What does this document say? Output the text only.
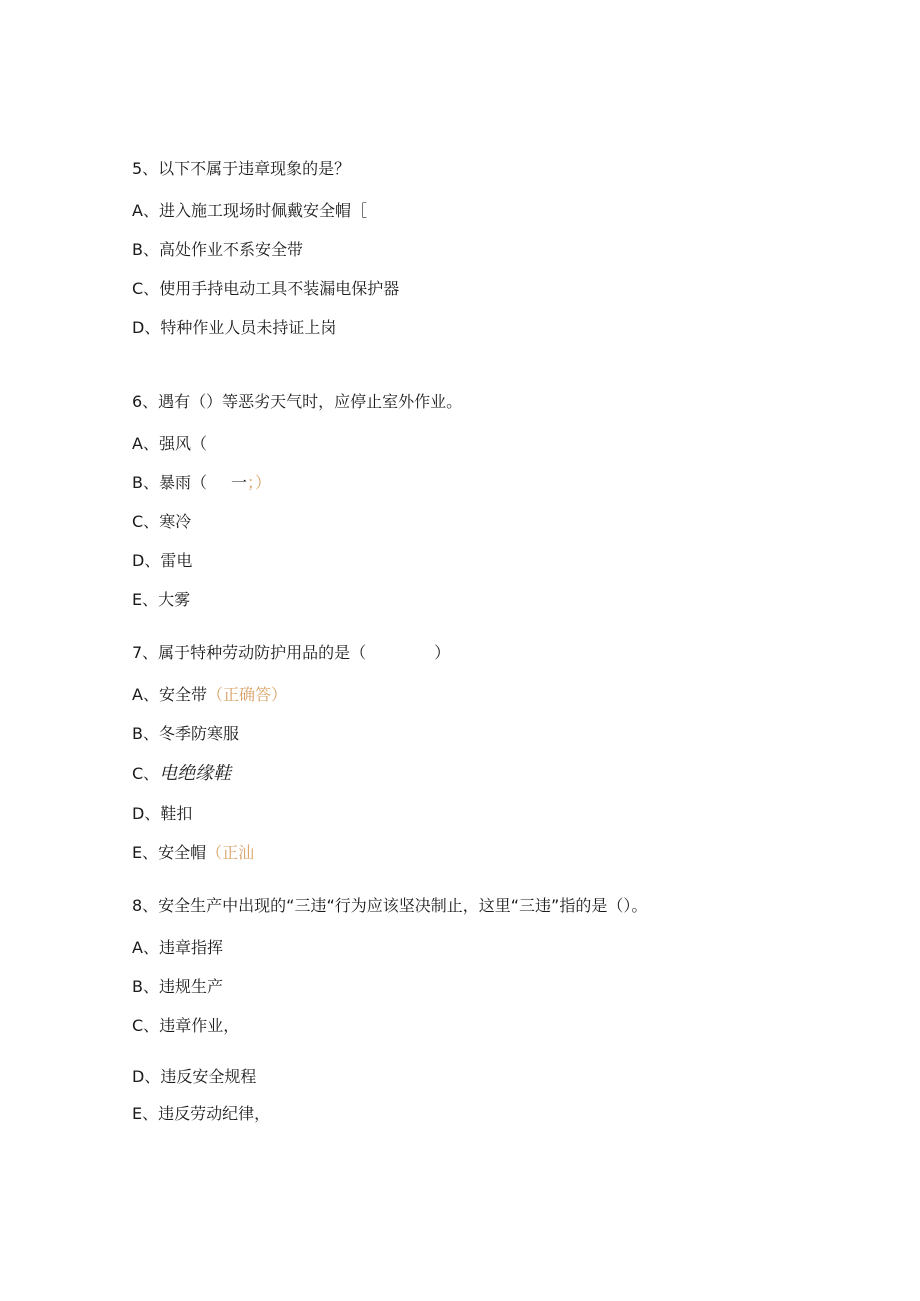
5、以下不属于违章现象的是？
A、进入施工现场时佩戴安全帽［
B、高处作业不系安全带
C、使用手持电动工具不装漏电保护器
D、特种作业人员未持证上岗
6、遇有（）等恶劣天气时，应停止室外作业。
A、强风（
B、暴雨（ 一；）
C、寒冷
D、雷电
E、大雾
7、属于特种劳动防护用品的是（	）
A、安全带（正确答）
B、冬季防寒服
C、电绝缘鞋
D、鞋扣
E、安全帽（正汕
8、安全生产中出现的“三违“行为应该坚决制止，这里“三违”指的是（）。
A、违章指挥
B、违规生产
C、违章作业，
D、违反安全规程
E、违反劳动纪律，
